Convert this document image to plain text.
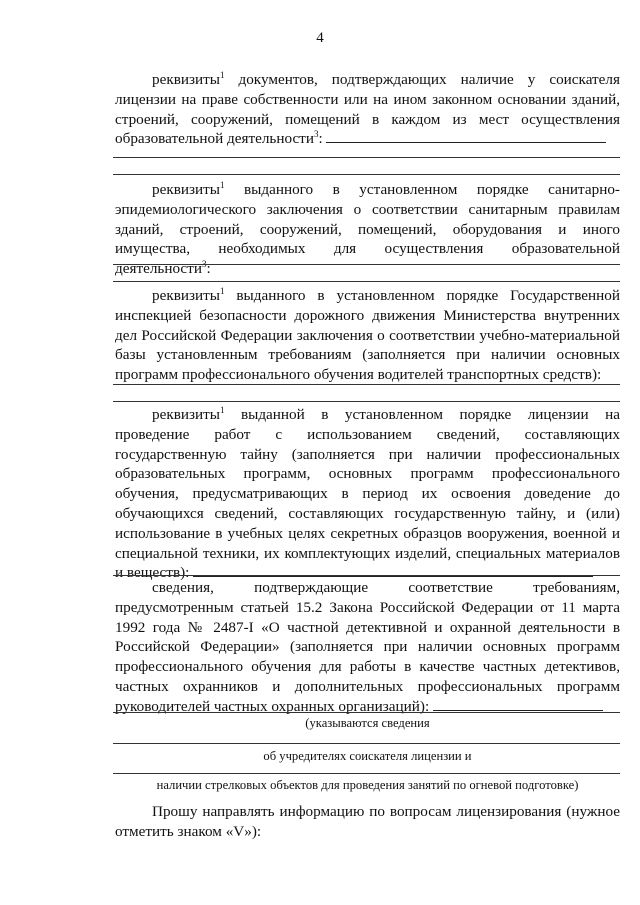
4

реквизиты$^1$ документов, подтверждающих наличие у соискателя лицензии на праве собственности или на ином законном основании зданий, строений, сооружений, помещений в каждом из мест осуществления образовательной деятельности$^3$:

реквизиты$^1$ выданного в установленном порядке санитарно-эпидемиологического заключения о соответствии санитарным правилам зданий, строений, сооружений, помещений, оборудования и иного имущества, необходимых для осуществления образовательной деятельности$^3$:

реквизиты$^1$ выданного в установленном порядке Государственной инспекцией безопасности дорожного движения Министерства внутренних дел Российской Федерации заключения о соответствии учебно-материальной базы установленным требованиям (заполняется при наличии основных программ профессионального обучения водителей транспортных средств):

реквизиты$^1$ выданной в установленном порядке лицензии на проведение работ с использованием сведений, составляющих государственную тайну (заполняется при наличии профессиональных образовательных программ, основных программ профессионального обучения, предусматривающих в период их освоения доведение до обучающихся сведений, составляющих государственную тайну, и (или) использование в учебных целях секретных образцов вооружения, военной и специальной техники, их комплектующих изделий, специальных материалов и веществ):

сведения, подтверждающие соответствие требованиям, предусмотренным статьей 15.2 Закона Российской Федерации от 11 марта 1992 года № 2487-I «О частной детективной и охранной деятельности в Российской Федерации» (заполняется при наличии основных программ профессионального обучения для работы в качестве частных детективов, частных охранников и дополнительных профессиональных программ руководителей частных охранных организаций):

(указываются сведения
об учредителях соискателя лицензии и
наличии стрелковых объектов для проведения занятий по огневой подготовке)

Прошу направлять информацию по вопросам лицензирования (нужное отметить знаком «V»):
